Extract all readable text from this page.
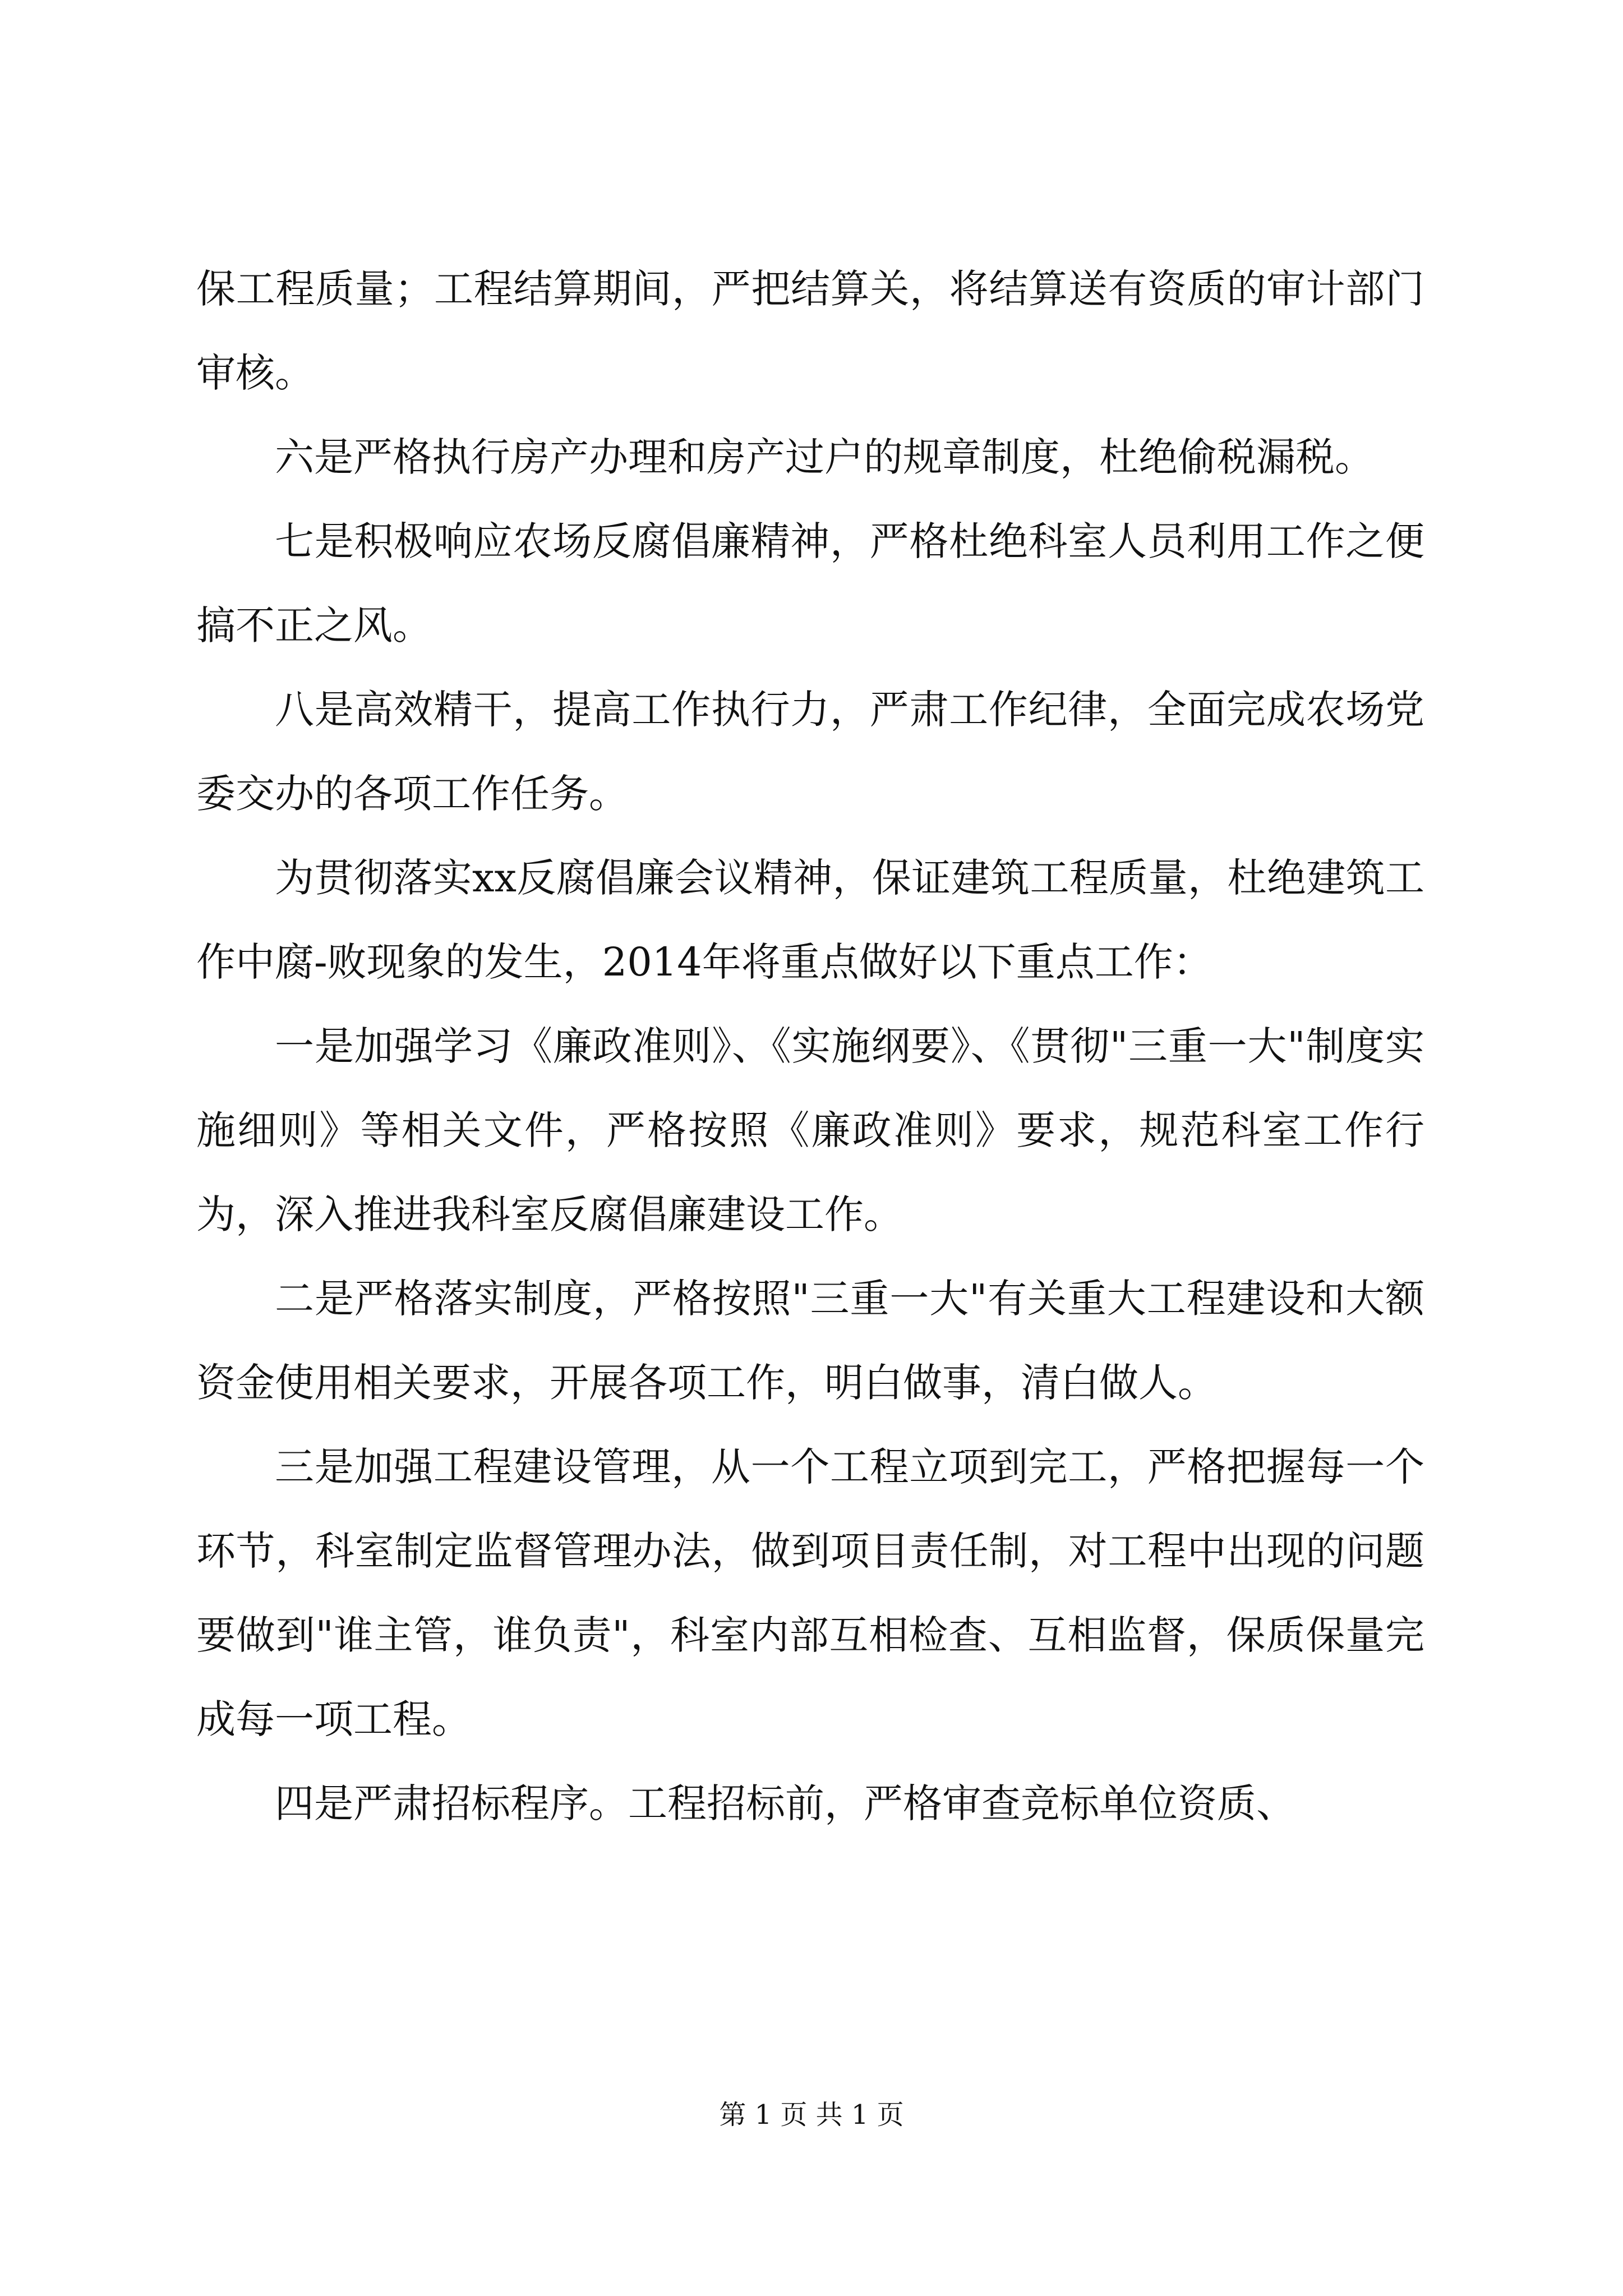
保工程质量；工程结算期间，严把结算关，将结算送有资质的审计部门审核。

六是严格执行房产办理和房产过户的规章制度，杜绝偷税漏税。

七是积极响应农场反腐倡廉精神，严格杜绝科室人员利用工作之便搞不正之风。

八是高效精干，提高工作执行力，严肃工作纪律，全面完成农场党委交办的各项工作任务。

为贯彻落实xx反腐倡廉会议精神，保证建筑工程质量，杜绝建筑工作中腐-败现象的发生，2014年将重点做好以下重点工作：

一是加强学习《廉政准则》、《实施纲要》、《贯彻"三重一大"制度实施细则》等相关文件，严格按照《廉政准则》要求，规范科室工作行为，深入推进我科室反腐倡廉建设工作。

二是严格落实制度，严格按照"三重一大"有关重大工程建设和大额资金使用相关要求，开展各项工作，明白做事，清白做人。

三是加强工程建设管理，从一个工程立项到完工，严格把握每一个环节，科室制定监督管理办法，做到项目责任制，对工程中出现的问题要做到"谁主管，谁负责"，科室内部互相检查、互相监督，保质保量完成每一项工程。

四是严肃招标程序。工程招标前，严格审查竞标单位资质、

第 1 页 共 1 页
